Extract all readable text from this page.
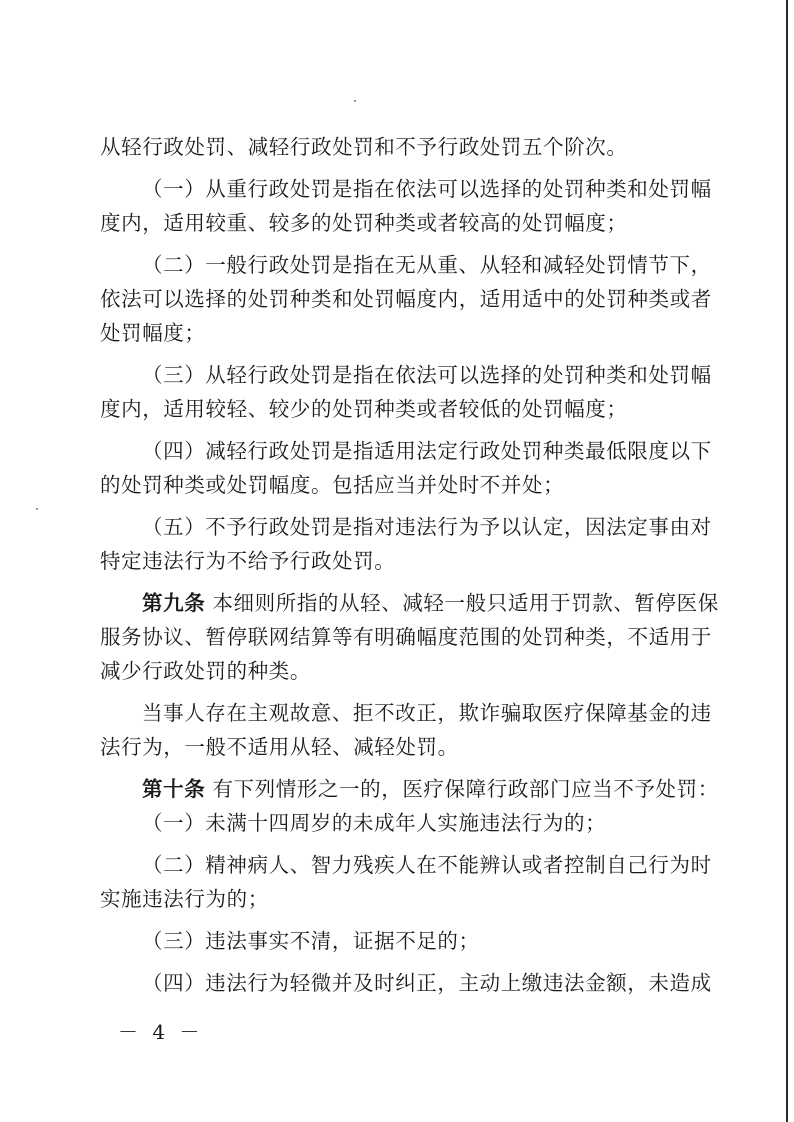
从轻行政处罚、减轻行政处罚和不予行政处罚五个阶次。
（一）从重行政处罚是指在依法可以选择的处罚种类和处罚幅
度内，适用较重、较多的处罚种类或者较高的处罚幅度；
（二）一般行政处罚是指在无从重、从轻和减轻处罚情节下，
依法可以选择的处罚种类和处罚幅度内，适用适中的处罚种类或者
处罚幅度；
（三）从轻行政处罚是指在依法可以选择的处罚种类和处罚幅
度内，适用较轻、较少的处罚种类或者较低的处罚幅度；
（四）减轻行政处罚是指适用法定行政处罚种类最低限度以下
的处罚种类或处罚幅度。包括应当并处时不并处；
（五）不予行政处罚是指对违法行为予以认定，因法定事由对
特定违法行为不给予行政处罚。
第九条 本细则所指的从轻、减轻一般只适用于罚款、暂停医保
服务协议、暂停联网结算等有明确幅度范围的处罚种类，不适用于
减少行政处罚的种类。
当事人存在主观故意、拒不改正，欺诈骗取医疗保障基金的违
法行为，一般不适用从轻、减轻处罚。
第十条 有下列情形之一的，医疗保障行政部门应当不予处罚：
（一）未满十四周岁的未成年人实施违法行为的；
（二）精神病人、智力残疾人在不能辨认或者控制自己行为时
实施违法行为的；
（三）违法事实不清，证据不足的；
（四）违法行为轻微并及时纠正，主动上缴违法金额，未造成
－ 4 －
